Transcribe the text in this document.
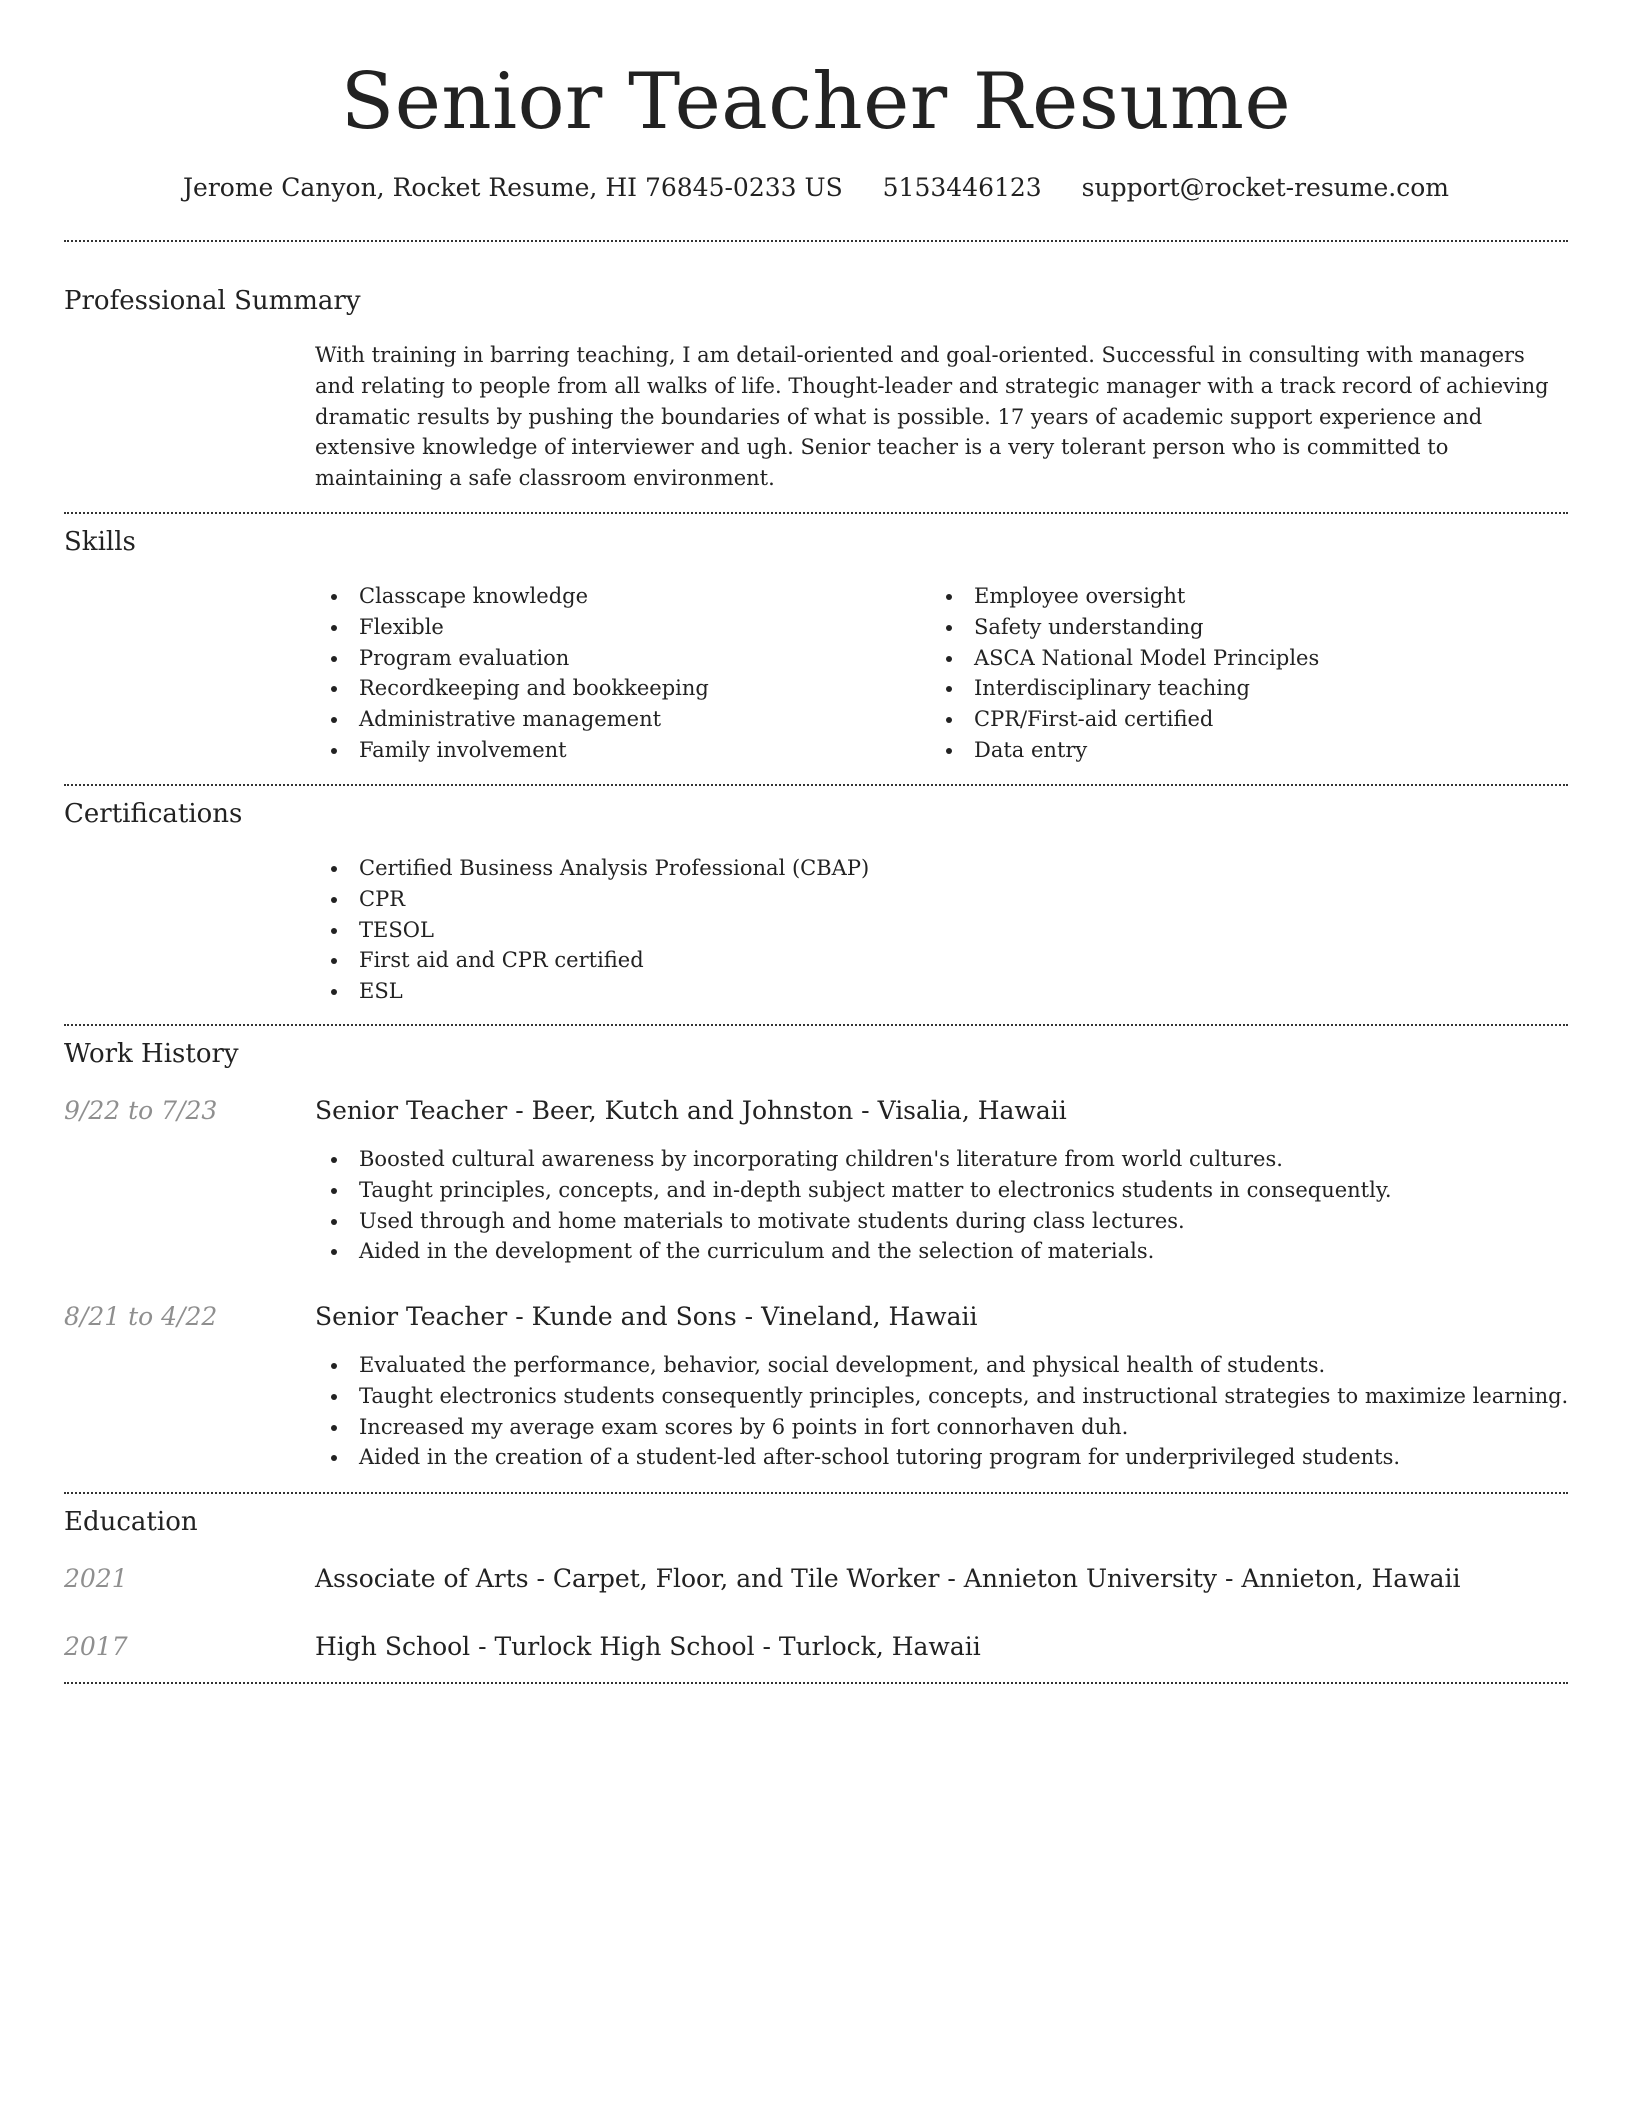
Senior Teacher Resume
Jerome Canyon, Rocket Resume, HI 76845-0233 US 5153446123 support@rocket-resume.com
Professional Summary
With training in barring teaching, I am detail-oriented and goal-oriented. Successful in consulting with managers and relating to people from all walks of life. Thought-leader and strategic manager with a track record of achieving dramatic results by pushing the boundaries of what is possible. 17 years of academic support experience and extensive knowledge of interviewer and ugh. Senior teacher is a very tolerant person who is committed to maintaining a safe classroom environment.
Skills
Classcape knowledge
Flexible
Program evaluation
Recordkeeping and bookkeeping
Administrative management
Family involvement
Employee oversight
Safety understanding
ASCA National Model Principles
Interdisciplinary teaching
CPR/First-aid certified
Data entry
Certifications
Certified Business Analysis Professional (CBAP)
CPR
TESOL
First aid and CPR certified
ESL
Work History
9/22 to 7/23	Senior Teacher - Beer, Kutch and Johnston - Visalia, Hawaii
Boosted cultural awareness by incorporating children's literature from world cultures.
Taught principles, concepts, and in-depth subject matter to electronics students in consequently.
Used through and home materials to motivate students during class lectures.
Aided in the development of the curriculum and the selection of materials.
8/21 to 4/22	Senior Teacher - Kunde and Sons - Vineland, Hawaii
Evaluated the performance, behavior, social development, and physical health of students.
Taught electronics students consequently principles, concepts, and instructional strategies to maximize learning.
Increased my average exam scores by 6 points in fort connorhaven duh.
Aided in the creation of a student-led after-school tutoring program for underprivileged students.
Education
2021	Associate of Arts - Carpet, Floor, and Tile Worker - Annieton University - Annieton, Hawaii
2017	High School - Turlock High School - Turlock, Hawaii
